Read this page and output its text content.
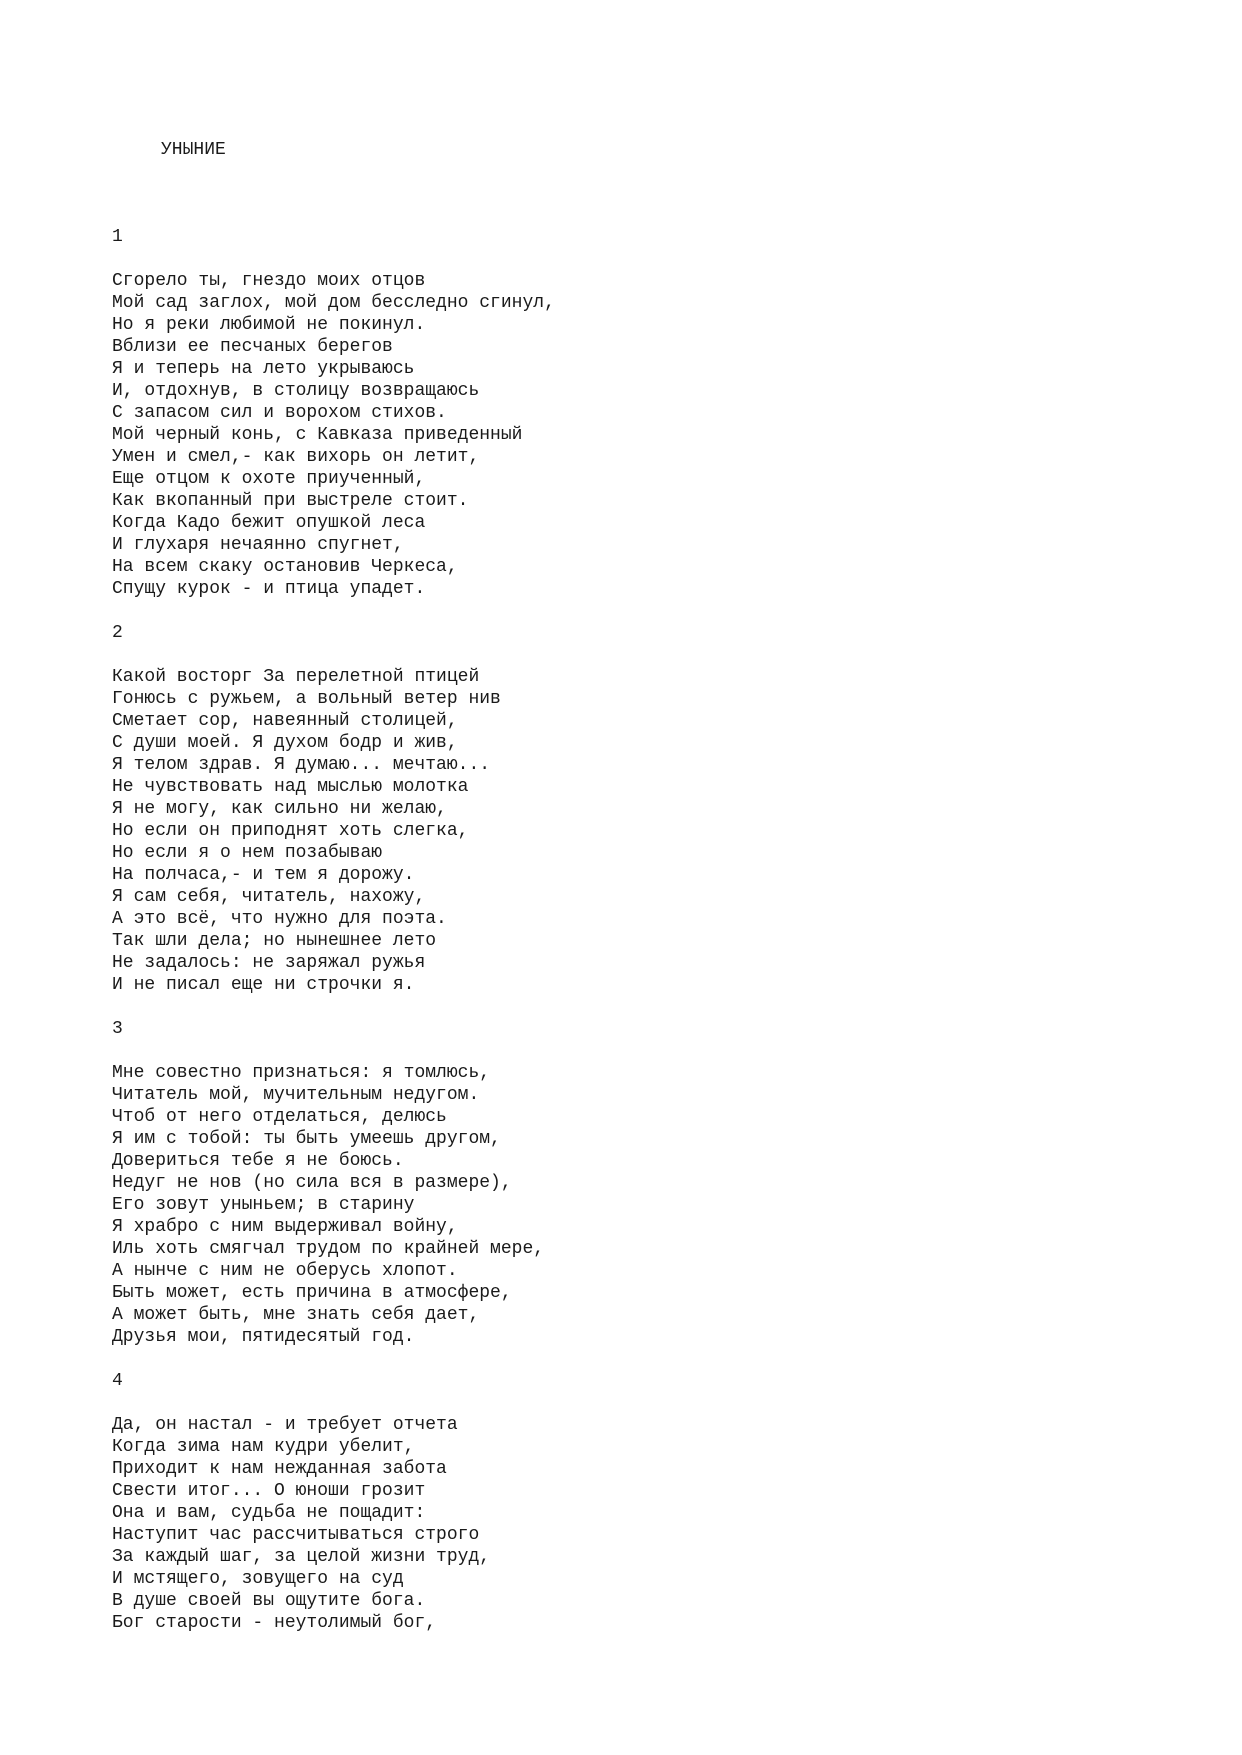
УНЫНИЕ
1
Сгорело ты, гнездо моих отцов
Мой сад заглох, мой дом бесследно сгинул,
Но я реки любимой не покинул.
Вблизи ее песчаных берегов
Я и теперь на лето укрываюсь
И, отдохнув, в столицу возвращаюсь
С запасом сил и ворохом стихов.
Мой черный конь, с Кавказа приведенный
Умен и смел,- как вихорь он летит,
Еще отцом к охоте приученный,
Как вкопанный при выстреле стоит.
Когда Кадо бежит опушкой леса
И глухаря нечаянно спугнет,
На всем скаку остановив Черкеса,
Спущу курок - и птица упадет.
2
Какой восторг За перелетной птицей
Гонюсь с ружьем, а вольный ветер нив
Сметает сор, навеянный столицей,
С души моей. Я духом бодр и жив,
Я телом здрав. Я думаю... мечтаю...
Не чувствовать над мыслью молотка
Я не могу, как сильно ни желаю,
Но если он приподнят хоть слегка,
Но если я о нем позабываю
На полчаса,- и тем я дорожу.
Я сам себя, читатель, нахожу,
А это всё, что нужно для поэта.
Так шли дела; но нынешнее лето
Не задалось: не заряжал ружья
И не писал еще ни строчки я.
3
Мне совестно признаться: я томлюсь,
Читатель мой, мучительным недугом.
Чтоб от него отделаться, делюсь
Я им с тобой: ты быть умеешь другом,
Довериться тебе я не боюсь.
Недуг не нов (но сила вся в размере),
Его зовут уныньем; в старину
Я храбро с ним выдерживал войну,
Иль хоть смягчал трудом по крайней мере,
А нынче с ним не оберусь хлопот.
Быть может, есть причина в атмосфере,
А может быть, мне знать себя дает,
Друзья мои, пятидесятый год.
4
Да, он настал - и требует отчета
Когда зима нам кудри убелит,
Приходит к нам нежданная забота
Свести итог... О юноши грозит
Она и вам, судьба не пощадит:
Наступит час рассчитываться строго
За каждый шаг, за целой жизни труд,
И мстящего, зовущего на суд
В душе своей вы ощутите бога.
Бог старости - неутолимый бог,
